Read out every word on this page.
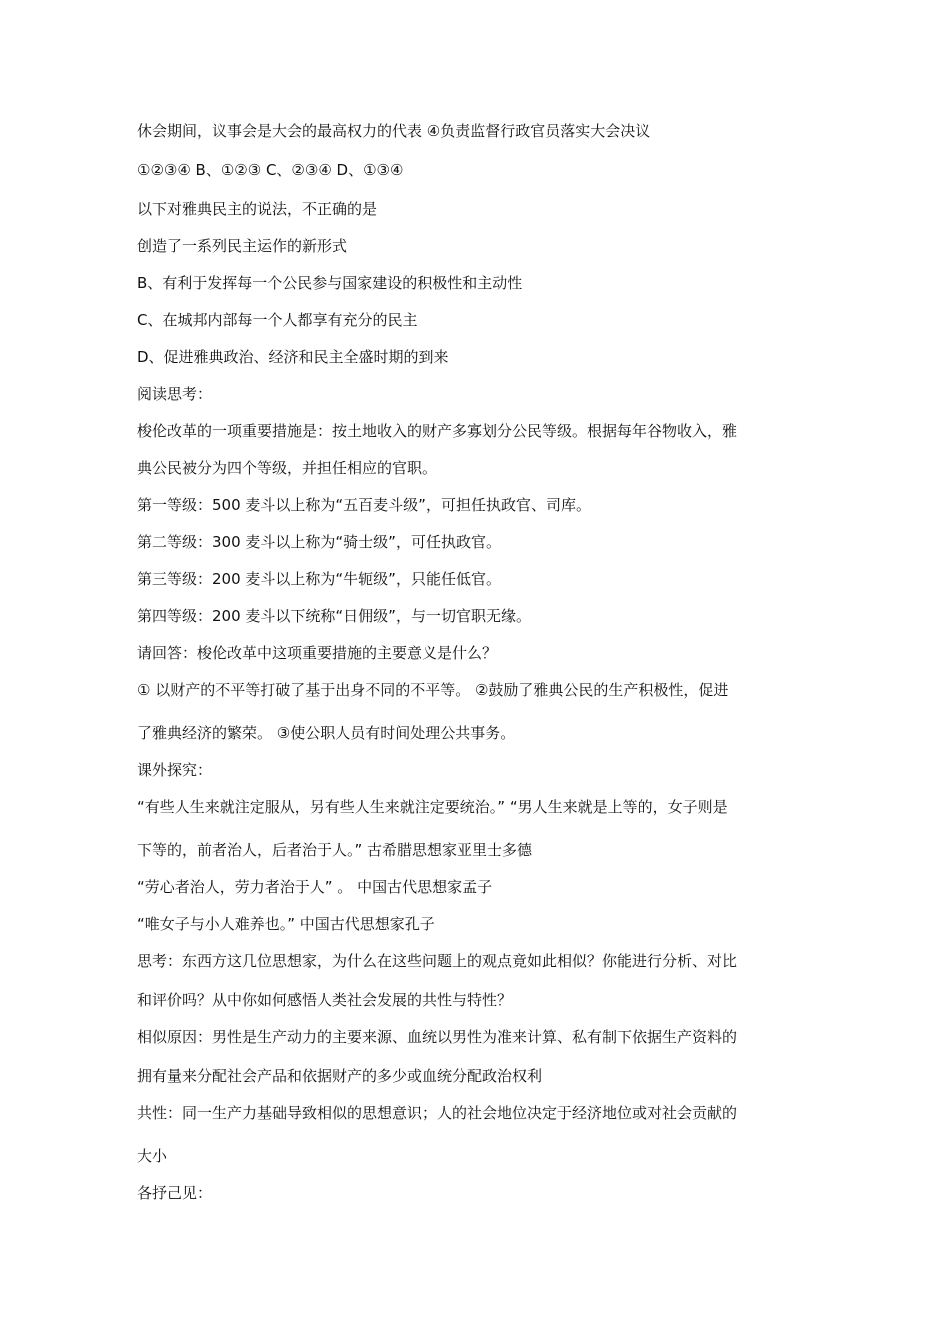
休会期间，议事会是大会的最高权力的代表 ④负责监督行政官员落实大会决议

①②③④ B、①②③ C、②③④ D、①③④

以下对雅典民主的说法，不正确的是

创造了一系列民主运作的新形式

B、有利于发挥每一个公民参与国家建设的积极性和主动性

C、在城邦内部每一个人都享有充分的民主

D、促进雅典政治、经济和民主全盛时期的到来

阅读思考：

梭伦改革的一项重要措施是：按土地收入的财产多寡划分公民等级。根据每年谷物收入，雅

典公民被分为四个等级，并担任相应的官职。

第一等级：500 麦斗以上称为“五百麦斗级”，可担任执政官、司库。

第二等级：300 麦斗以上称为“骑士级”，可任执政官。

第三等级：200 麦斗以上称为“牛轭级”，只能任低官。

第四等级：200 麦斗以下统称“日佣级”，与一切官职无缘。

请回答：梭伦改革中这项重要措施的主要意义是什么？

① 以财产的不平等打破了基于出身不同的不平等。 ②鼓励了雅典公民的生产积极性，促进

了雅典经济的繁荣。 ③使公职人员有时间处理公共事务。

课外探究：

“有些人生来就注定服从，另有些人生来就注定要统治。” “男人生来就是上等的，女子则是

下等的，前者治人，后者治于人。” 古希腊思想家亚里士多德

“劳心者治人，劳力者治于人” 。 中国古代思想家孟子

“唯女子与小人难养也。” 中国古代思想家孔子

思考：东西方这几位思想家，为什么在这些问题上的观点竟如此相似？你能进行分析、对比

和评价吗？从中你如何感悟人类社会发展的共性与特性？

相似原因：男性是生产动力的主要来源、血统以男性为准来计算、私有制下依据生产资料的

拥有量来分配社会产品和依据财产的多少或血统分配政治权利

共性：同一生产力基础导致相似的思想意识；人的社会地位决定于经济地位或对社会贡献的

大小

各抒己见：
